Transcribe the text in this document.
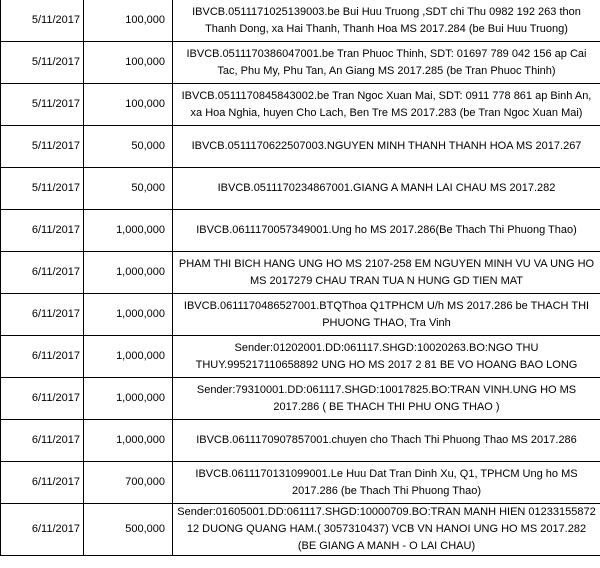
5/11/2017	100,000	IBVCB.0511171025139003.be Bui Huu Truong ,SDT chi Thu 0982 192 263 thon Thanh Dong, xa Hai Thanh, Thanh Hoa MS 2017.284 (be Bui Huu Truong)
5/11/2017	100,000	IBVCB.0511170386047001.be Tran Phuoc Thinh, SDT: 01697 789 042 156 ap Cai Tac, Phu My, Phu Tan, An Giang MS 2017.285 (be Tran Phuoc Thinh)
5/11/2017	100,000	IBVCB.0511170845843002.be Tran Ngoc Xuan Mai, SDT: 0911 778 861 ap Binh An, xa Hoa Nghia, huyen Cho Lach, Ben Tre MS 2017.283 (be Tran Ngoc Xuan Mai)
5/11/2017	50,000	IBVCB.0511170622507003.NGUYEN MINH THANH THANH HOA MS 2017.267
5/11/2017	50,000	IBVCB.0511170234867001.GIANG A MANH LAI CHAU MS 2017.282
6/11/2017	1,000,000	IBVCB.0611170057349001.Ung ho MS 2017.286(Be Thach Thi Phuong Thao)
6/11/2017	1,000,000	PHAM THI BICH HANG UNG HO MS 2107-258 EM NGUYEN MINH VU VA UNG HO MS 2017279 CHAU TRAN TUA N HUNG GD TIEN MAT
6/11/2017	1,000,000	IBVCB.0611170486527001.BTQThoa Q1TPHCM U/h MS 2017.286 be THACH THI PHUONG THAO, Tra Vinh
6/11/2017	1,000,000	Sender:01202001.DD:061117.SHGD:10020263.BO:NGO THU THUY.995217110658892 UNG HO MS 2017 2 81 BE VO HOANG BAO LONG
6/11/2017	1,000,000	Sender:79310001.DD:061117.SHGD:10017825.BO:TRAN VINH.UNG HO MS 2017.286 ( BE THACH THI PHU ONG THAO )
6/11/2017	1,000,000	IBVCB.0611170907857001.chuyen cho Thach Thi Phuong Thao MS 2017.286
6/11/2017	700,000	IBVCB.0611170131099001.Le Huu Dat Tran Dinh Xu, Q1, TPHCM Ung ho MS 2017.286 (be Thach Thi Phuong Thao)
6/11/2017	500,000	Sender:01605001.DD:061117.SHGD:10000709.BO:TRAN MANH HIEN 01233155872 12 DUONG QUANG HAM.( 3057310437) VCB VN HANOI UNG HO MS 2017.282 (BE GIANG A MANH - O LAI CHAU)
